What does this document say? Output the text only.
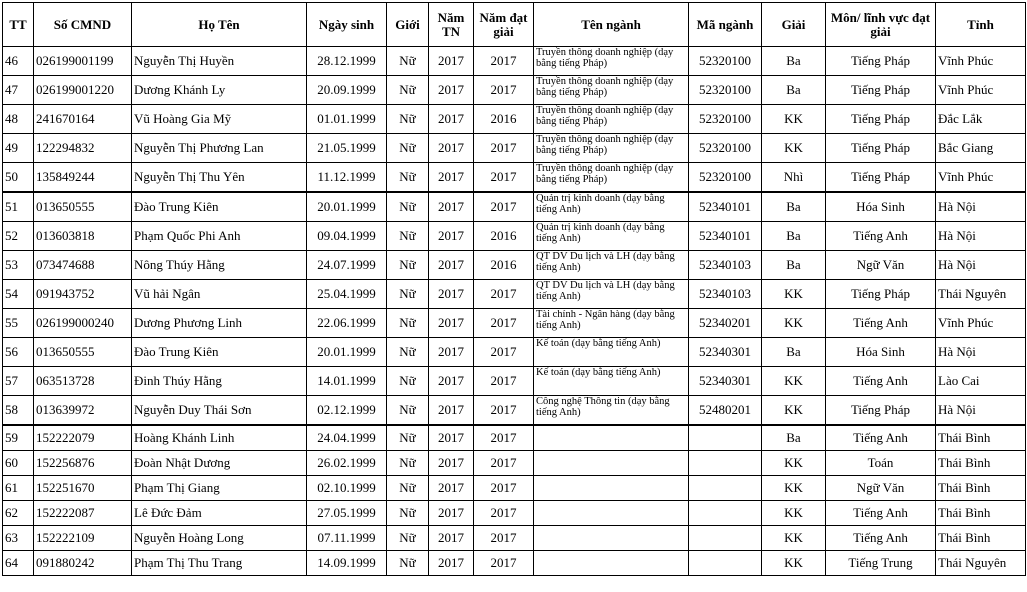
TT	Số CMND	Họ Tên	Ngày sinh	Giới	Năm TN	Năm đạt giải	Tên ngành	Mã ngành	Giải	Môn/ lĩnh vực đạt giải	Tỉnh
46	026199001199	Nguyễn Thị Huyền	28.12.1999	Nữ	2017	2017	Truyền thông doanh nghiệp (dạy bằng tiếng Pháp)	52320100	Ba	Tiếng Pháp	Vĩnh Phúc
47	026199001220	Dương Khánh Ly	20.09.1999	Nữ	2017	2017	Truyền thông doanh nghiệp (dạy bằng tiếng Pháp)	52320100	Ba	Tiếng Pháp	Vĩnh Phúc
48	241670164	Vũ Hoàng Gia Mỹ	01.01.1999	Nữ	2017	2016	Truyền thông doanh nghiệp (dạy bằng tiếng Pháp)	52320100	KK	Tiếng Pháp	Đắc Lắk
49	122294832	Nguyễn Thị Phương Lan	21.05.1999	Nữ	2017	2017	Truyền thông doanh nghiệp (dạy bằng tiếng Pháp)	52320100	KK	Tiếng Pháp	Bắc Giang
50	135849244	Nguyễn Thị Thu Yên	11.12.1999	Nữ	2017	2017	Truyền thông doanh nghiệp (dạy bằng tiếng Pháp)	52320100	Nhì	Tiếng Pháp	Vĩnh Phúc
51	013650555	Đào Trung Kiên	20.01.1999	Nữ	2017	2017	Quản trị kinh doanh (dạy bằng tiếng Anh)	52340101	Ba	Hóa Sinh	Hà Nội
52	013603818	Phạm Quốc Phi Anh	09.04.1999	Nữ	2017	2016	Quản trị kinh doanh (dạy bằng tiếng Anh)	52340101	Ba	Tiếng Anh	Hà Nội
53	073474688	Nông Thúy Hằng	24.07.1999	Nữ	2017	2016	QT DV Du lịch và LH (dạy bằng tiếng Anh)	52340103	Ba	Ngữ Văn	Hà Nội
54	091943752	Vũ hải Ngân	25.04.1999	Nữ	2017	2017	QT DV Du lịch và LH (dạy bằng tiếng Anh)	52340103	KK	Tiếng Pháp	Thái Nguyên
55	026199000240	Dương Phương Linh	22.06.1999	Nữ	2017	2017	Tài chính - Ngân hàng (dạy bằng tiếng Anh)	52340201	KK	Tiếng Anh	Vĩnh Phúc
56	013650555	Đào Trung Kiên	20.01.1999	Nữ	2017	2017	Kế toán (dạy bằng tiếng Anh)	52340301	Ba	Hóa Sinh	Hà Nội
57	063513728	Đinh Thúy Hằng	14.01.1999	Nữ	2017	2017	Kế toán (dạy bằng tiếng Anh)	52340301	KK	Tiếng Anh	Lào Cai
58	013639972	Nguyễn Duy Thái Sơn	02.12.1999	Nữ	2017	2017	Công nghệ Thông tin (dạy bằng tiếng Anh)	52480201	KK	Tiếng Pháp	Hà Nội
59	152222079	Hoàng Khánh Linh	24.04.1999	Nữ	2017	2017			Ba	Tiếng Anh	Thái Bình
60	152256876	Đoàn Nhật Dương	26.02.1999	Nữ	2017	2017			KK	Toán	Thái Bình
61	152251670	Phạm Thị Giang	02.10.1999	Nữ	2017	2017			KK	Ngữ Văn	Thái Bình
62	152222087	Lê Đức Đảm	27.05.1999	Nữ	2017	2017			KK	Tiếng Anh	Thái Bình
63	152222109	Nguyễn Hoàng Long	07.11.1999	Nữ	2017	2017			KK	Tiếng Anh	Thái Bình
64	091880242	Phạm Thị Thu Trang	14.09.1999	Nữ	2017	2017			KK	Tiếng Trung	Thái Nguyên
